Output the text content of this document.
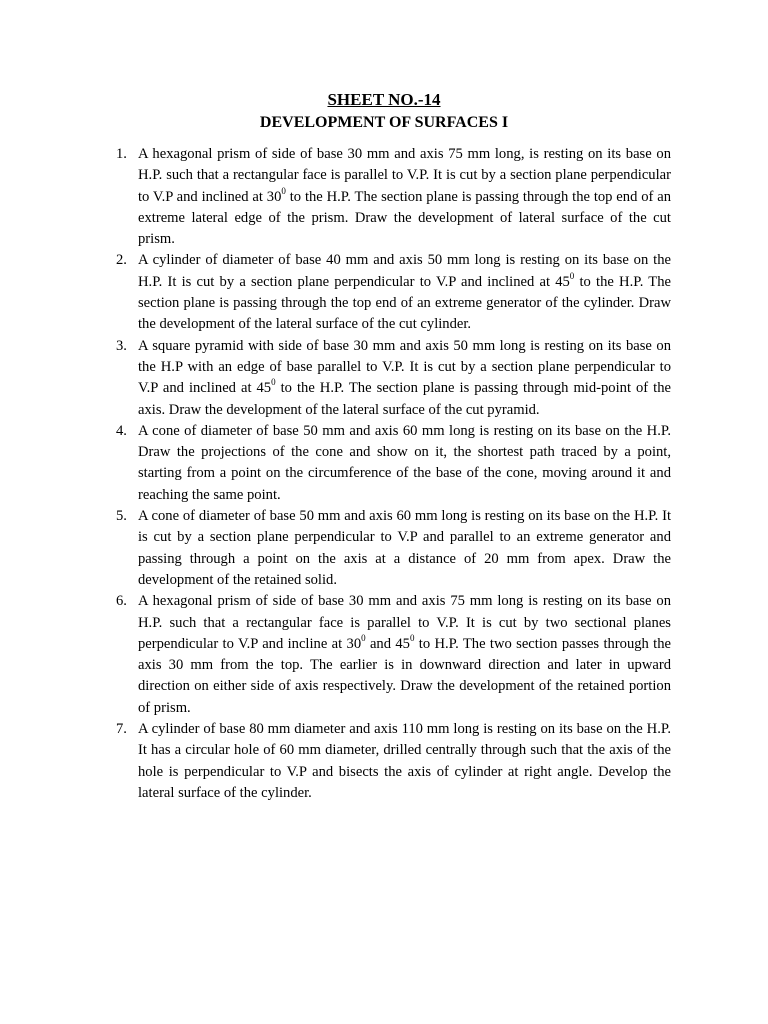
SHEET NO.-14
DEVELOPMENT OF SURFACES I
1. A hexagonal prism of side of base 30 mm and axis 75 mm long, is resting on its base on H.P. such that a rectangular face is parallel to V.P. It is cut by a section plane perpendicular to V.P and inclined at $30^0$ to the H.P. The section plane is passing through the top end of an extreme lateral edge of the prism. Draw the development of lateral surface of the cut prism.
2. A cylinder of diameter of base 40 mm and axis 50 mm long is resting on its base on the H.P. It is cut by a section plane perpendicular to V.P and inclined at $45^0$ to the H.P. The section plane is passing through the top end of an extreme generator of the cylinder. Draw the development of the lateral surface of the cut cylinder.
3. A square pyramid with side of base 30 mm and axis 50 mm long is resting on its base on the H.P with an edge of base parallel to V.P. It is cut by a section plane perpendicular to V.P and inclined at $45^0$ to the H.P. The section plane is passing through mid-point of the axis. Draw the development of the lateral surface of the cut pyramid.
4. A cone of diameter of base 50 mm and axis 60 mm long is resting on its base on the H.P. Draw the projections of the cone and show on it, the shortest path traced by a point, starting from a point on the circumference of the base of the cone, moving around it and reaching the same point.
5. A cone of diameter of base 50 mm and axis 60 mm long is resting on its base on the H.P. It is cut by a section plane perpendicular to V.P and parallel to an extreme generator and passing through a point on the axis at a distance of 20 mm from apex. Draw the development of the retained solid.
6. A hexagonal prism of side of base 30 mm and axis 75 mm long is resting on its base on H.P. such that a rectangular face is parallel to V.P. It is cut by two sectional planes perpendicular to V.P and incline at $30^0$ and $45^0$ to H.P. The two section passes through the axis 30 mm from the top. The earlier is in downward direction and later in upward direction on either side of axis respectively. Draw the development of the retained portion of prism.
7. A cylinder of base 80 mm diameter and axis 110 mm long is resting on its base on the H.P. It has a circular hole of 60 mm diameter, drilled centrally through such that the axis of the hole is perpendicular to V.P and bisects the axis of cylinder at right angle. Develop the lateral surface of the cylinder.
